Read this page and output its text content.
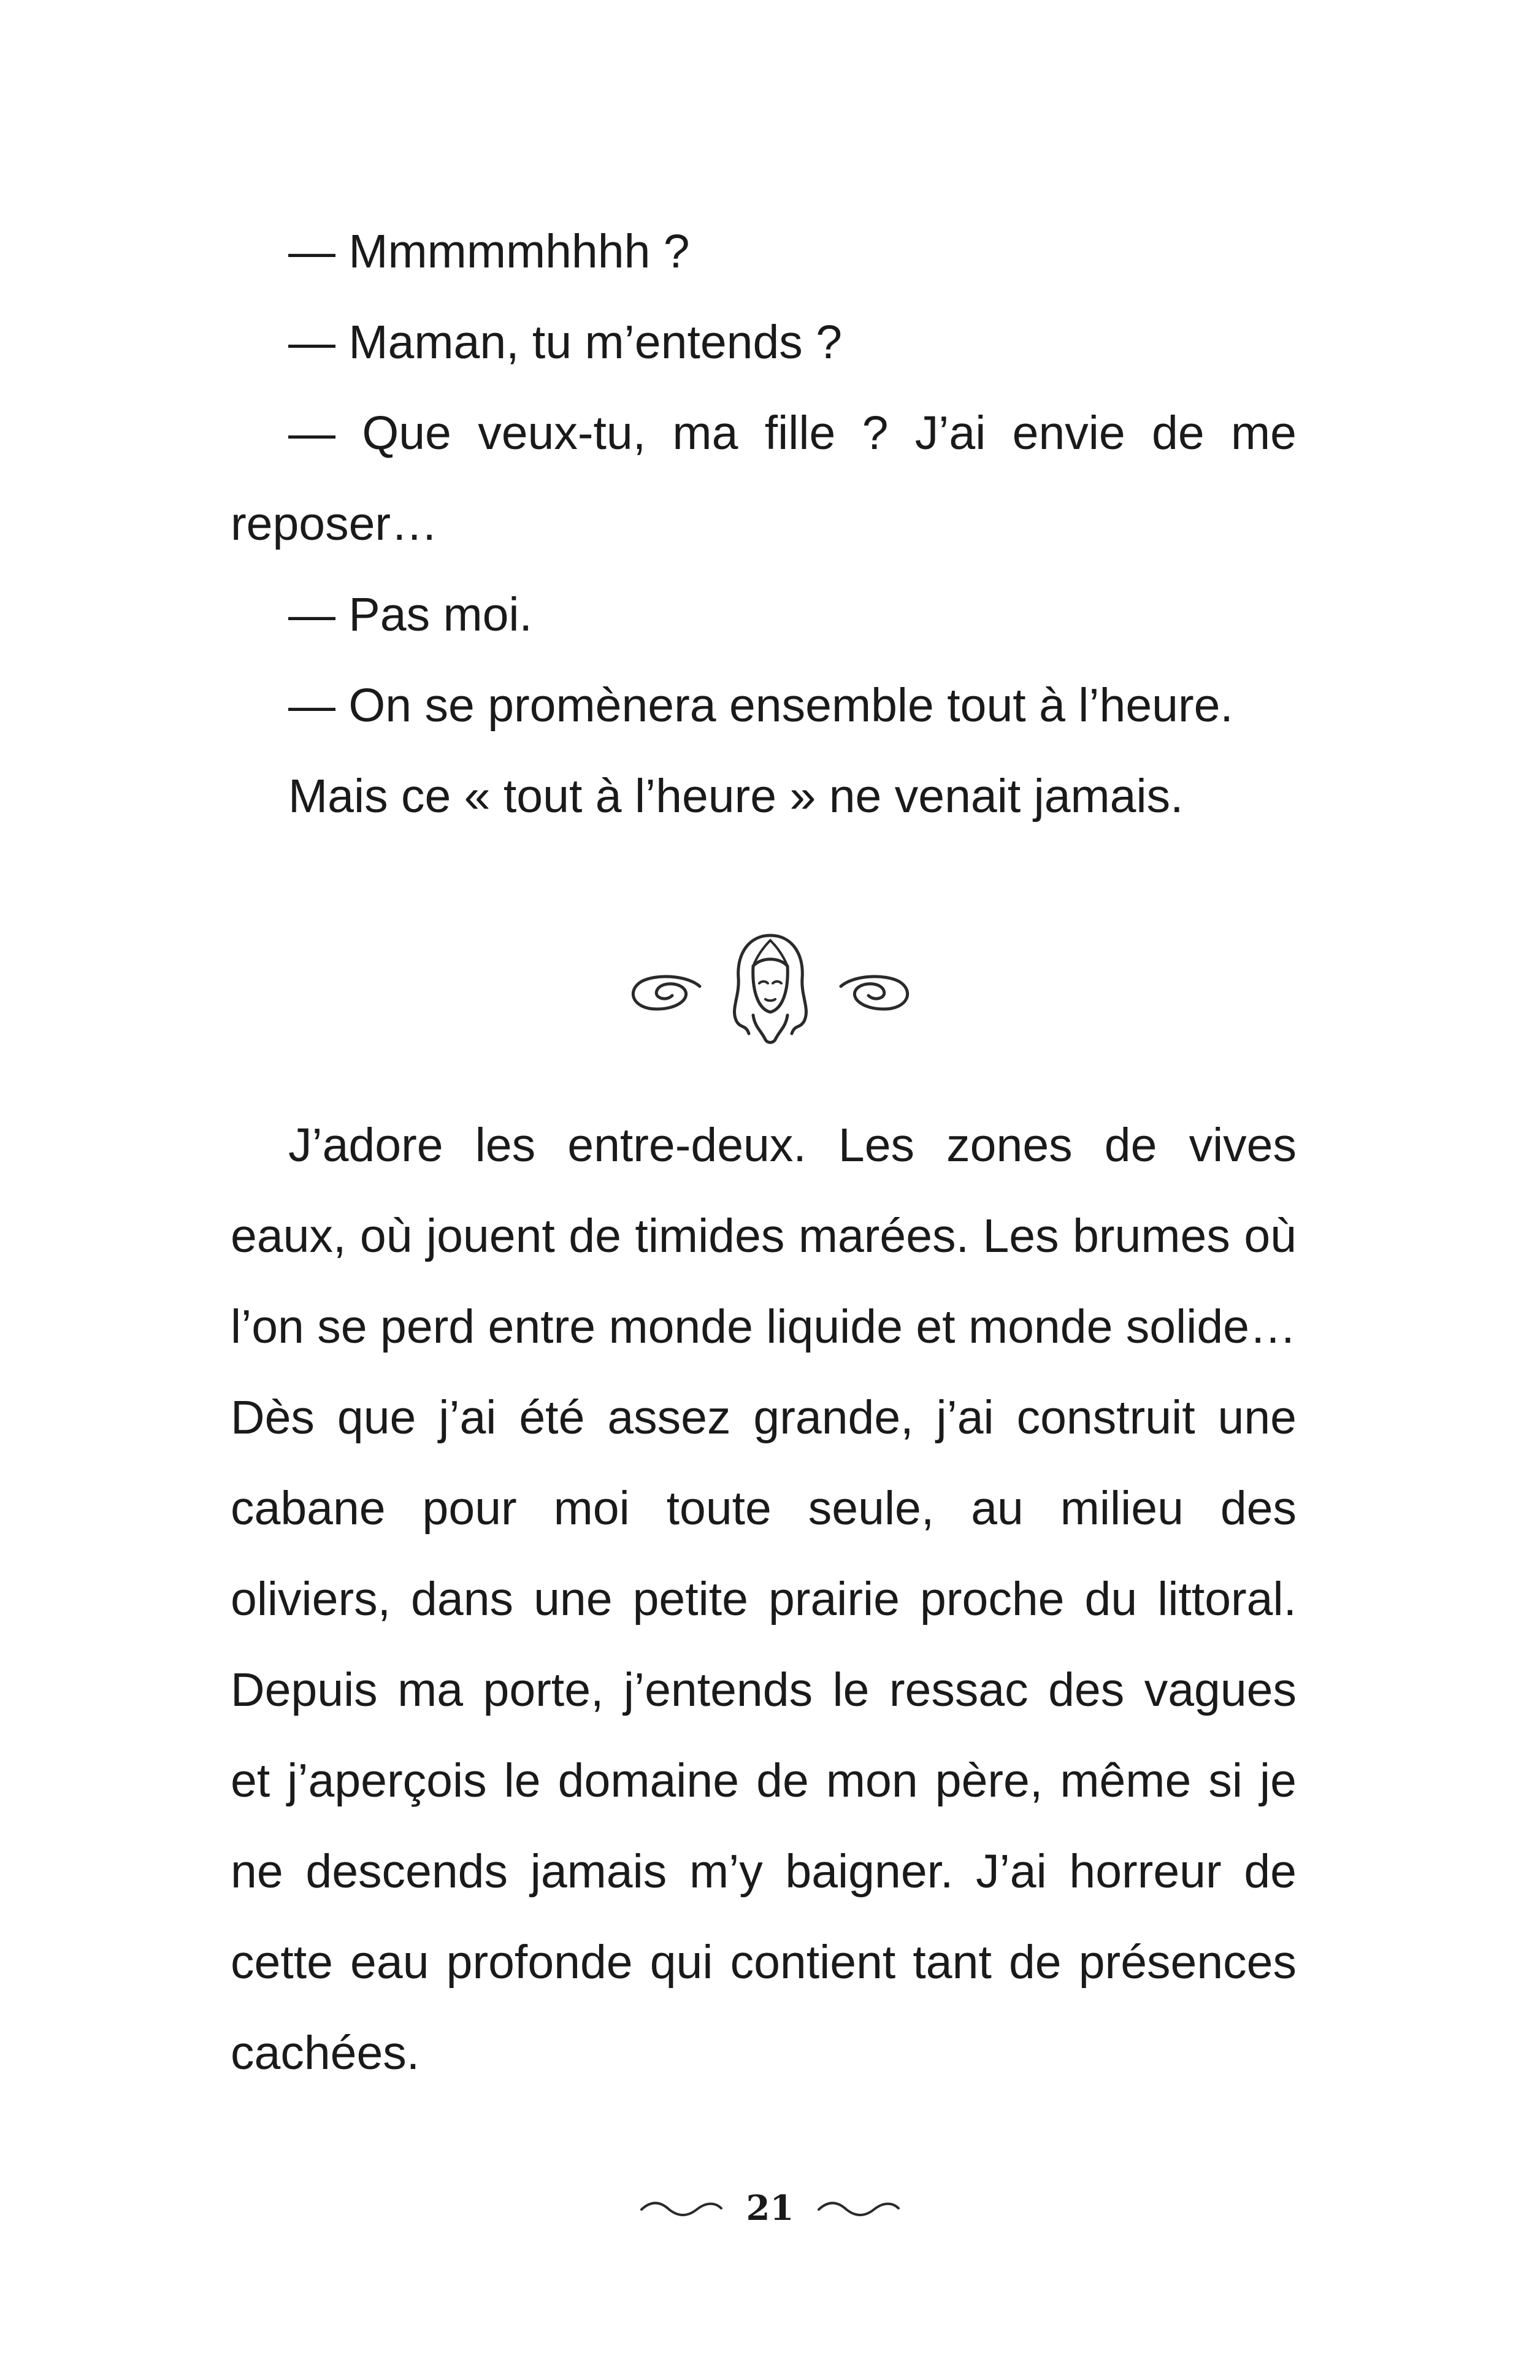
— Mmmmmhhhh ?

— Maman, tu m’entends ?

— Que veux-tu, ma fille ? J’ai envie de me reposer…

— Pas moi.

— On se promènera ensemble tout à l’heure.

Mais ce « tout à l’heure » ne venait jamais.

J’adore les entre-deux. Les zones de vives eaux, où jouent de timides marées. Les brumes où l’on se perd entre monde liquide et monde solide… Dès que j’ai été assez grande, j’ai construit une cabane pour moi toute seule, au milieu des oliviers, dans une petite prairie proche du littoral. Depuis ma porte, j’entends le ressac des vagues et j’aperçois le domaine de mon père, même si je ne descends jamais m’y baigner. J’ai horreur de cette eau profonde qui contient tant de présences cachées.

21
